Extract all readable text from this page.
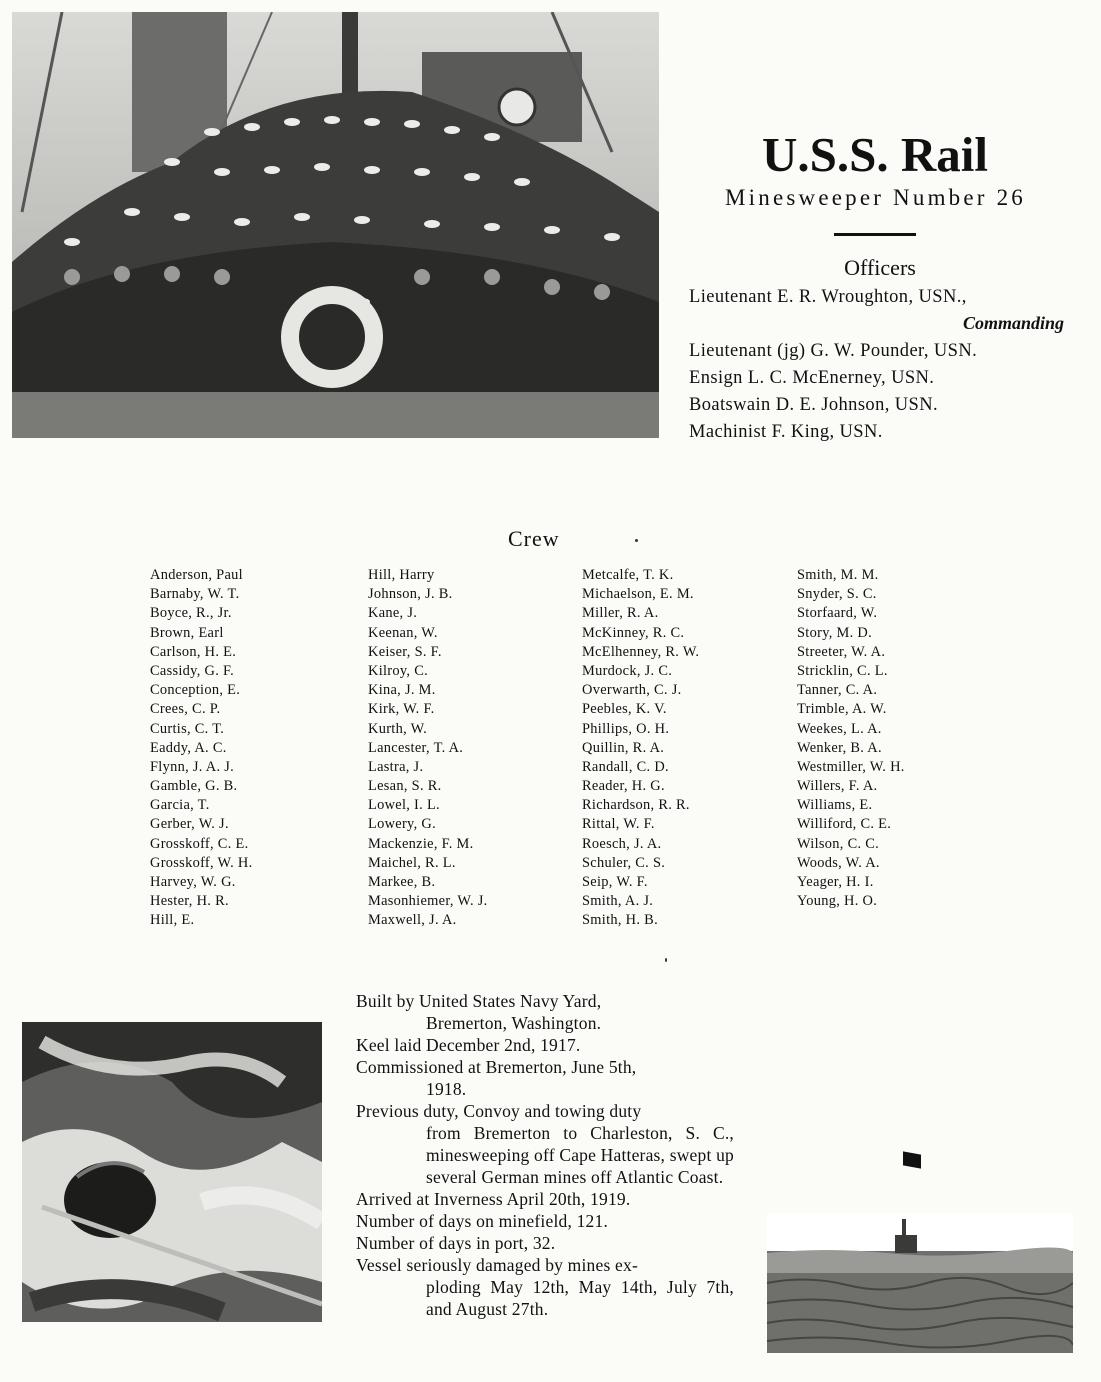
U.S.S. Rail
Minesweeper Number 26
Officers
Lieutenant E. R. Wroughton, USN.,
Commanding
Lieutenant (jg) G. W. Pounder, USN.
Ensign L. C. McEnerney, USN.
Boatswain D. E. Johnson, USN.
Machinist F. King, USN.
Crew
Anderson, Paul
Barnaby, W. T.
Boyce, R., Jr.
Brown, Earl
Carlson, H. E.
Cassidy, G. F.
Conception, E.
Crees, C. P.
Curtis, C. T.
Eaddy, A. C.
Flynn, J. A. J.
Gamble, G. B.
Garcia, T.
Gerber, W. J.
Grosskoff, C. E.
Grosskoff, W. H.
Harvey, W. G.
Hester, H. R.
Hill, E.
Hill, Harry
Johnson, J. B.
Kane, J.
Keenan, W.
Keiser, S. F.
Kilroy, C.
Kina, J. M.
Kirk, W. F.
Kurth, W.
Lancester, T. A.
Lastra, J.
Lesan, S. R.
Lowel, I. L.
Lowery, G.
Mackenzie, F. M.
Maichel, R. L.
Markee, B.
Masonhiemer, W. J.
Maxwell, J. A.
Metcalfe, T. K.
Michaelson, E. M.
Miller, R. A.
McKinney, R. C.
McElhenney, R. W.
Murdock, J. C.
Overwarth, C. J.
Peebles, K. V.
Phillips, O. H.
Quillin, R. A.
Randall, C. D.
Reader, H. G.
Richardson, R. R.
Rittal, W. F.
Roesch, J. A.
Schuler, C. S.
Seip, W. F.
Smith, A. J.
Smith, H. B.
Smith, M. M.
Snyder, S. C.
Storfaard, W.
Story, M. D.
Streeter, W. A.
Stricklin, C. L.
Tanner, C. A.
Trimble, A. W.
Weekes, L. A.
Wenker, B. A.
Westmiller, W. H.
Willers, F. A.
Williams, E.
Williford, C. E.
Wilson, C. C.
Woods, W. A.
Yeager, H. I.
Young, H. O.
Built by United States Navy Yard,
Bremerton, Washington.
Keel laid December 2nd, 1917.
Commissioned at Bremerton, June 5th,
1918.
Previous duty, Convoy and towing duty
from Bremerton to Charleston, S. C., minesweeping off Cape Hatteras, swept up several German mines off Atlantic Coast.
Arrived at Inverness April 20th, 1919.
Number of days on minefield, 121.
Number of days in port, 32.
Vessel seriously damaged by mines ex-
ploding May 12th, May 14th, July 7th, and August 27th.
